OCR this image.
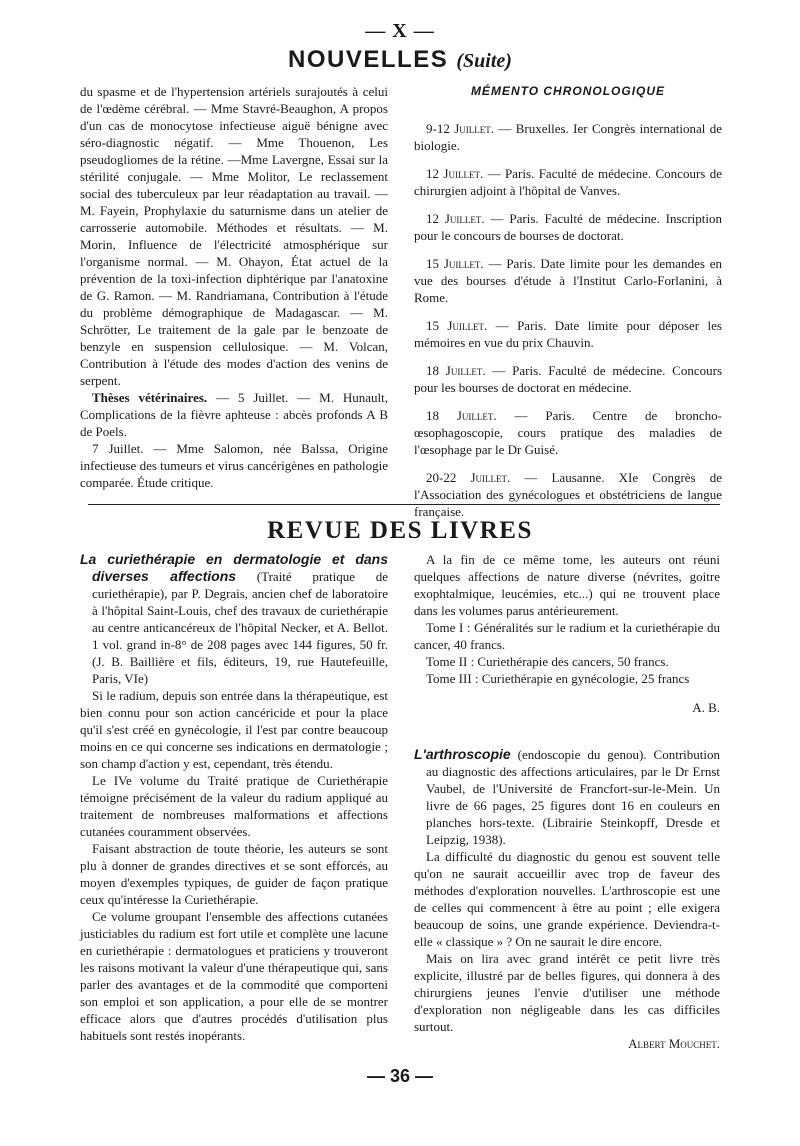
— X —
NOUVELLES (Suite)

du spasme et de l'hypertension artériels surajoutés à celui de l'œdème cérébral. — Mme Stavré-Beaughon, A propos d'un cas de monocytose infectieuse aiguë bénigne avec séro-diagnostic négatif. — Mme Thouenon, Les pseudogliomes de la rétine. —Mme Lavergne, Essai sur la stérilité conjugale. — Mme Molitor, Le reclassement social des tuberculeux par leur réadaptation au travail. — M. Fayein, Prophylaxie du saturnisme dans un atelier de carrosserie automobile. Méthodes et résultats. — M. Morin, Influence de l'électricité atmosphérique sur l'organisme normal. — M. Ohayon, État actuel de la prévention de la toxi-infection diphtérique par l'anatoxine de G. Ramon. — M. Randriamana, Contribution à l'étude du problème démographique de Madagascar. — M. Schrötter, Le traitement de la gale par le benzoate de benzyle en suspension cellulosique. — M. Volcan, Contribution à l'étude des modes d'action des venins de serpent.

Thèses vétérinaires. — 5 Juillet. — M. Hunault, Complications de la fièvre aphteuse : abcès profonds A B de Poels.

7 Juillet. — Mme Salomon, née Balssa, Origine infectieuse des tumeurs et virus cancérigènes en pathologie comparée. Étude critique.

MÉMENTO CHRONOLOGIQUE

9-12 Juillet. — Bruxelles. Ier Congrès international de biologie.

12 Juillet. — Paris. Faculté de médecine. Concours de chirurgien adjoint à l'hôpital de Vanves.

12 Juillet. — Paris. Faculté de médecine. Inscription pour le concours de bourses de doctorat.

15 Juillet. — Paris. Date limite pour les demandes en vue des bourses d'étude à l'Institut Carlo-Forlanini, à Rome.

15 Juillet. — Paris. Date limite pour déposer les mémoires en vue du prix Chauvin.

18 Juillet. — Paris. Faculté de médecine. Concours pour les bourses de doctorat en médecine.

18 Juillet. — Paris. Centre de broncho-œsophagoscopie, cours pratique des maladies de l'œsophage par le Dr Guisé.

20-22 Juillet. — Lausanne. XIe Congrès de l'Association des gynécologues et obstétriciens de langue française.

REVUE DES LIVRES

La curiethérapie en dermatologie et dans diverses affections (Traité pratique de curiethérapie), par P. Degrais, ancien chef de laboratoire à l'hôpital Saint-Louis, chef des travaux de curiethérapie au centre anticancéreux de l'hôpital Necker, et A. Bellot. 1 vol. grand in-8° de 208 pages avec 144 figures, 50 fr. (J. B. Baillière et fils, éditeurs, 19, rue Hautefeuille, Paris, VIe)

Si le radium, depuis son entrée dans la thérapeutique, est bien connu pour son action cancéricide et pour la place qu'il s'est créé en gynécologie, il l'est par contre beaucoup moins en ce qui concerne ses indications en dermatologie ; son champ d'action y est, cependant, très étendu.

Le IVe volume du Traité pratique de Curiethérapie témoigne précisément de la valeur du radium appliqué au traitement de nombreuses malformations et affections cutanées couramment observées.

Faisant abstraction de toute théorie, les auteurs se sont plu à donner de grandes directives et se sont efforcés, au moyen d'exemples typiques, de guider de façon pratique ceux qu'intéresse la Curiethérapie.

Ce volume groupant l'ensemble des affections cutanées justiciables du radium est fort utile et complète une lacune en curiethérapie : dermatologues et praticiens y trouveront les raisons motivant la valeur d'une thérapeutique qui, sans parler des avantages et de la commodité que comporteni son emploi et son application, a pour elle de se montrer efficace alors que d'autres procédés d'utilisation plus habituels sont restés inopérants.

A la fin de ce même tome, les auteurs ont réuni quelques affections de nature diverse (névrites, goitre exophtalmique, leucémies, etc...) qui ne trouvent place dans les volumes parus antérieurement.

Tome I : Généralités sur le radium et la curiethérapie du cancer, 40 francs.

Tome II : Curiethérapie des cancers, 50 francs.

Tome III : Curiethérapie en gynécologie, 25 francs

A. B.

L'arthroscopie (endoscopie du genou). Contribution au diagnostic des affections articulaires, par le Dr Ernst Vaubel, de l'Université de Francfort-sur-le-Mein. Un livre de 66 pages, 25 figures dont 16 en couleurs en planches hors-texte. (Librairie Steinkopff, Dresde et Leipzig, 1938).

La difficulté du diagnostic du genou est souvent telle qu'on ne saurait accueillir avec trop de faveur des méthodes d'exploration nouvelles. L'arthroscopie est une de celles qui commencent à être au point ; elle exigera beaucoup de soins, une grande expérience. Deviendra-t-elle « classique » ? On ne saurait le dire encore.

Mais on lira avec grand intérêt ce petit livre très explicite, illustré par de belles figures, qui donnera à des chirurgiens jeunes l'envie d'utiliser une méthode d'exploration non négligeable dans les cas difficiles surtout.

Albert Mouchet.

— 36 —
